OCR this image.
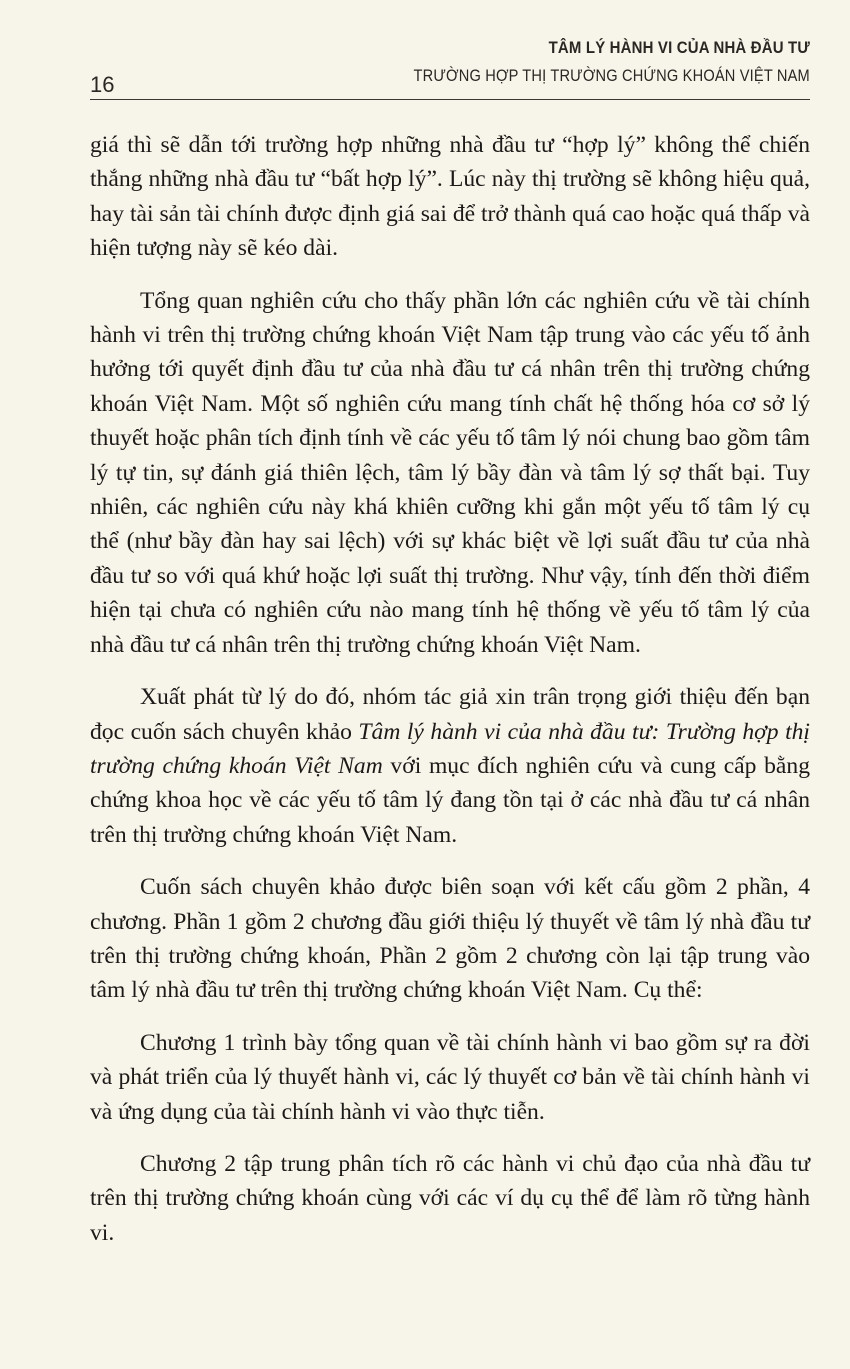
16
TÂM LÝ HÀNH VI CỦA NHÀ ĐẦU TƯ
TRƯỜNG HỢP THỊ TRƯỜNG CHỨNG KHOÁN VIỆT NAM

giá thì sẽ dẫn tới trường hợp những nhà đầu tư “hợp lý” không thể chiến thắng những nhà đầu tư “bất hợp lý”. Lúc này thị trường sẽ không hiệu quả, hay tài sản tài chính được định giá sai để trở thành quá cao hoặc quá thấp và hiện tượng này sẽ kéo dài.

Tổng quan nghiên cứu cho thấy phần lớn các nghiên cứu về tài chính hành vi trên thị trường chứng khoán Việt Nam tập trung vào các yếu tố ảnh hưởng tới quyết định đầu tư của nhà đầu tư cá nhân trên thị trường chứng khoán Việt Nam. Một số nghiên cứu mang tính chất hệ thống hóa cơ sở lý thuyết hoặc phân tích định tính về các yếu tố tâm lý nói chung bao gồm tâm lý tự tin, sự đánh giá thiên lệch, tâm lý bầy đàn và tâm lý sợ thất bại. Tuy nhiên, các nghiên cứu này khá khiên cưỡng khi gắn một yếu tố tâm lý cụ thể (như bầy đàn hay sai lệch) với sự khác biệt về lợi suất đầu tư của nhà đầu tư so với quá khứ hoặc lợi suất thị trường. Như vậy, tính đến thời điểm hiện tại chưa có nghiên cứu nào mang tính hệ thống về yếu tố tâm lý của nhà đầu tư cá nhân trên thị trường chứng khoán Việt Nam.

Xuất phát từ lý do đó, nhóm tác giả xin trân trọng giới thiệu đến bạn đọc cuốn sách chuyên khảo Tâm lý hành vi của nhà đầu tư: Trường hợp thị trường chứng khoán Việt Nam với mục đích nghiên cứu và cung cấp bằng chứng khoa học về các yếu tố tâm lý đang tồn tại ở các nhà đầu tư cá nhân trên thị trường chứng khoán Việt Nam.

Cuốn sách chuyên khảo được biên soạn với kết cấu gồm 2 phần, 4 chương. Phần 1 gồm 2 chương đầu giới thiệu lý thuyết về tâm lý nhà đầu tư trên thị trường chứng khoán, Phần 2 gồm 2 chương còn lại tập trung vào tâm lý nhà đầu tư trên thị trường chứng khoán Việt Nam. Cụ thể:

Chương 1 trình bày tổng quan về tài chính hành vi bao gồm sự ra đời và phát triển của lý thuyết hành vi, các lý thuyết cơ bản về tài chính hành vi và ứng dụng của tài chính hành vi vào thực tiễn.

Chương 2 tập trung phân tích rõ các hành vi chủ đạo của nhà đầu tư trên thị trường chứng khoán cùng với các ví dụ cụ thể để làm rõ từng hành vi.
